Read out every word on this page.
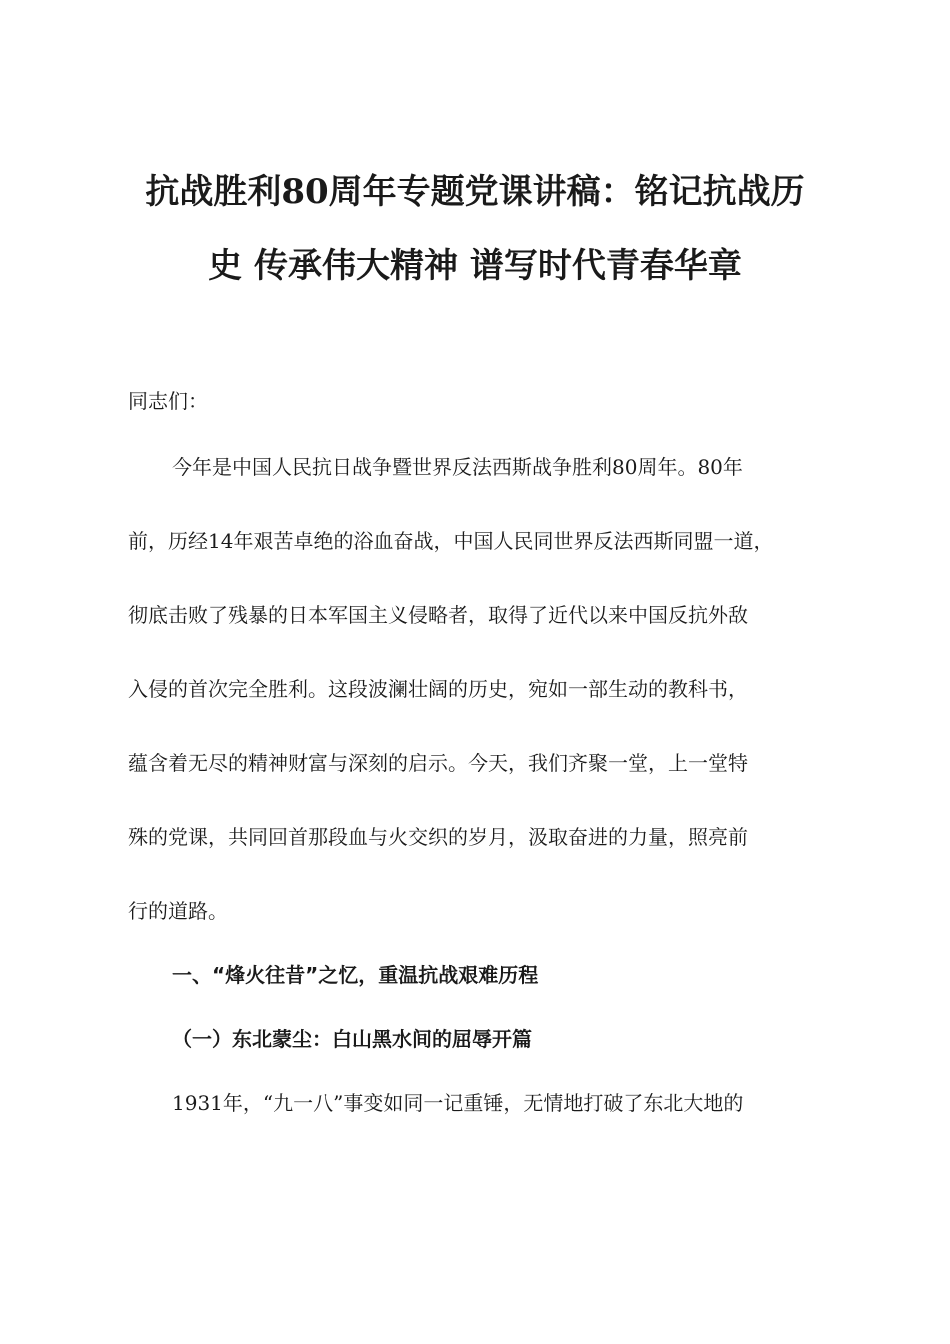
抗战胜利80周年专题党课讲稿：铭记抗战历
史 传承伟大精神 谱写时代青春华章

同志们：

今年是中国人民抗日战争暨世界反法西斯战争胜利80周年。80年

前，历经14年艰苦卓绝的浴血奋战，中国人民同世界反法西斯同盟一道，

彻底击败了残暴的日本军国主义侵略者，取得了近代以来中国反抗外敌

入侵的首次完全胜利。这段波澜壮阔的历史，宛如一部生动的教科书，

蕴含着无尽的精神财富与深刻的启示。今天，我们齐聚一堂，上一堂特

殊的党课，共同回首那段血与火交织的岁月，汲取奋进的力量，照亮前

行的道路。

一、“烽火往昔”之忆，重温抗战艰难历程

（一）东北蒙尘：白山黑水间的屈辱开篇

1931年，“九一八”事变如同一记重锤，无情地打破了东北大地的
